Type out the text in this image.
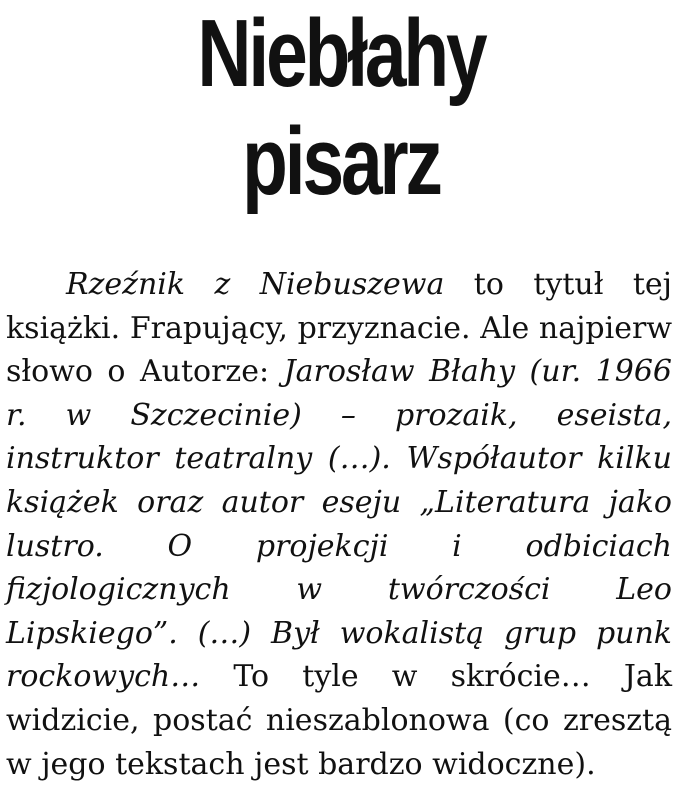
Niebłahy
pisarz

Rzeźnik z Niebuszewa to tytuł tej książki. Frapujący, przyznacie. Ale najpierw słowo o Autorze: Jarosław Błahy (ur. 1966 r. w Szczecinie) – prozaik, eseista, instruktor teatralny (…). Współautor kilku książek oraz autor eseju „Literatura jako lustro. O projekcji i odbiciach fizjologicznych w twórczości Leo Lipskiego”. (…) Był wokalistą grup punk rockowych… To tyle w skrócie… Jak widzicie, postać nieszablonowa (co zresztą w jego tekstach jest bardzo widoczne).
